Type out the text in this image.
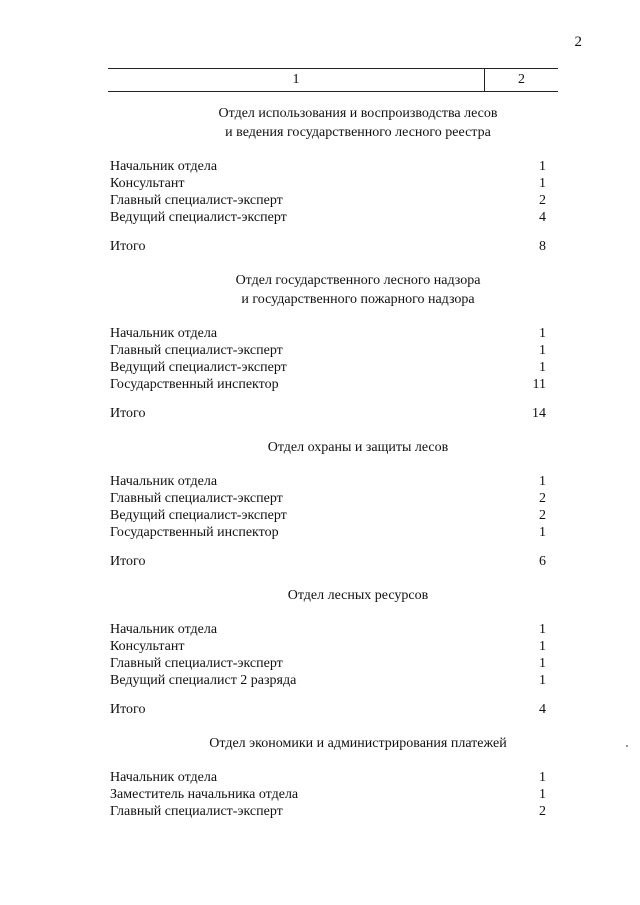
2
1	2
Отдел использования и воспроизводства лесов
и ведения государственного лесного реестра
Начальник отдела	1
Консультант	1
Главный специалист-эксперт	2
Ведущий специалист-эксперт	4
Итого	8
Отдел государственного лесного надзора
и государственного пожарного надзора
Начальник отдела	1
Главный специалист-эксперт	1
Ведущий специалист-эксперт	1
Государственный инспектор	11
Итого	14
Отдел охраны и защиты лесов
Начальник отдела	1
Главный специалист-эксперт	2
Ведущий специалист-эксперт	2
Государственный инспектор	1
Итого	6
Отдел лесных ресурсов
Начальник отдела	1
Консультант	1
Главный специалист-эксперт	1
Ведущий специалист 2 разряда	1
Итого	4
Отдел экономики и администрирования платежей
Начальник отдела	1
Заместитель начальника отдела	1
Главный специалист-эксперт	2
